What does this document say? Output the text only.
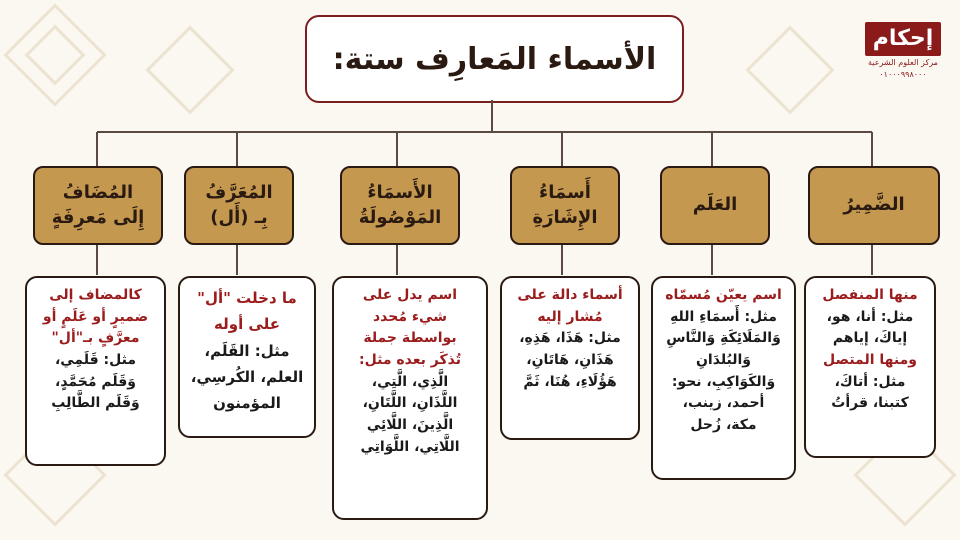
إحكام
مركز العلوم الشرعية
٠١٠٠٠٩٩٨٠٠٠
الأسماء المَعارِف ستة:
الضَّمِيرُ
العَلَم
أَسمَاءُ
الإِشَارَةِ
الأَسمَاءُ
المَوْصُولَةُ
المُعَرَّفُ
بِـ (أَل)
المُضَافُ
إِلَى مَعرِفَةٍ
منها المنفصل
مثل: أنا، هو،
إياكَ، إياهم
ومنها المتصل
مثل: أتاكَ،
كتبنا، قرأتُ
اسم يعيّن مُسمّاه
مثل: أَسمَاءِ اللهِ
وَالمَلَائِكَةِ وَالنَّاسِ
وَالبُلدَانِ
وَالكَوَاكِبِ، نحو:
أحمد، زينب،
مكة، زُحل
أسماء دالة على
مُشار إليه
مثل: هَذَا، هَذِهِ،
هَذَانِ، هَاتَانِ،
هَؤُلَاءِ، هُنَا، ثَمَّ
اسم يدل على
شيء مُحدد
بواسطة جملة
تُذكَر بعده مثل:
الَّذِي، الَّتِي،
اللَّذَانِ، اللَّتَانِ،
الَّذِينَ، اللَّائِي
اللَّاتِي، اللَّوَاتِي
ما دخلت "أل"
على أوله
مثل: القَلَم،
العلم، الكُرسِي،
المؤمنون
كالمضاف إلى
ضميرٍ أو عَلَمٍ أو
معرَّفٍ بـ"أل"
مثل: قَلَمِي،
وَقَلَم مُحَمَّدٍ،
وَقَلَم الطَّالِبِ
